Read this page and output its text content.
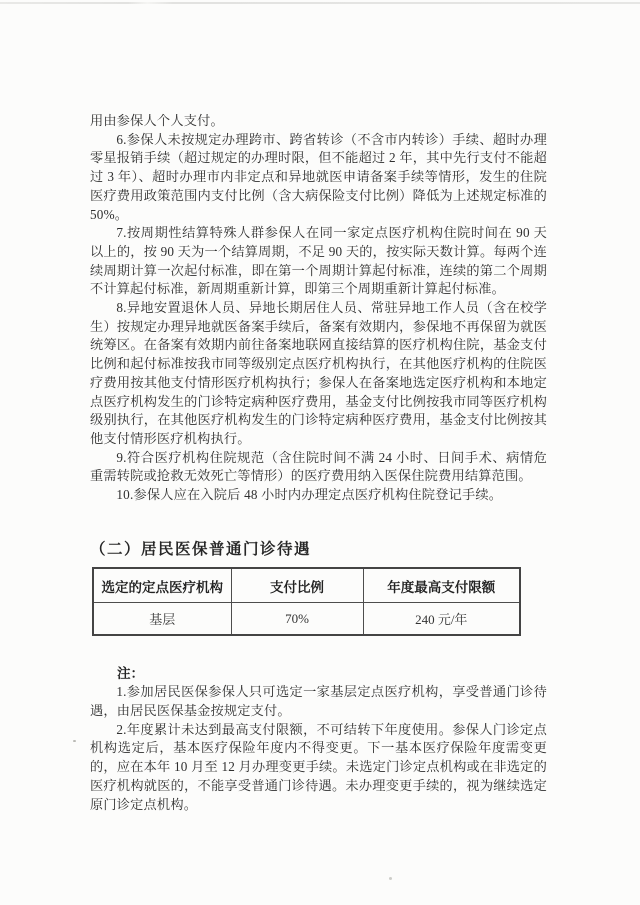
用由参保人个人支付。

6.参保人未按规定办理跨市、跨省转诊（不含市内转诊）手续、超时办理零星报销手续（超过规定的办理时限，但不能超过 2 年，其中先行支付不能超过 3 年）、超时办理市内非定点和异地就医申请备案手续等情形，发生的住院医疗费用政策范围内支付比例（含大病保险支付比例）降低为上述规定标准的 50%。

7.按周期性结算特殊人群参保人在同一家定点医疗机构住院时间在 90 天以上的，按 90 天为一个结算周期，不足 90 天的，按实际天数计算。每两个连续周期计算一次起付标准，即在第一个周期计算起付标准，连续的第二个周期不计算起付标准，新周期重新计算，即第三个周期重新计算起付标准。

8.异地安置退休人员、异地长期居住人员、常驻异地工作人员（含在校学生）按规定办理异地就医备案手续后，备案有效期内，参保地不再保留为就医统筹区。在备案有效期内前往备案地联网直接结算的医疗机构住院，基金支付比例和起付标准按我市同等级别定点医疗机构执行，在其他医疗机构的住院医疗费用按其他支付情形医疗机构执行；参保人在备案地选定医疗机构和本地定点医疗机构发生的门诊特定病种医疗费用，基金支付比例按我市同等医疗机构级别执行，在其他医疗机构发生的门诊特定病种医疗费用，基金支付比例按其他支付情形医疗机构执行。

9.符合医疗机构住院规范（含住院时间不满 24 小时、日间手术、病情危重需转院或抢救无效死亡等情形）的医疗费用纳入医保住院费用结算范围。

10.参保人应在入院后 48 小时内办理定点医疗机构住院登记手续。

（二）居民医保普通门诊待遇
选定的定点医疗机构	支付比例	年度最高支付限额
基层	70%	240 元/年
注：

1.参加居民医保参保人只可选定一家基层定点医疗机构，享受普通门诊待遇，由居民医保基金按规定支付。

2.年度累计未达到最高支付限额，不可结转下年度使用。参保人门诊定点机构选定后，基本医疗保险年度内不得变更。下一基本医疗保险年度需变更的，应在本年 10 月至 12 月办理变更手续。未选定门诊定点机构或在非选定的医疗机构就医的，不能享受普通门诊待遇。未办理变更手续的，视为继续选定原门诊定点机构。
